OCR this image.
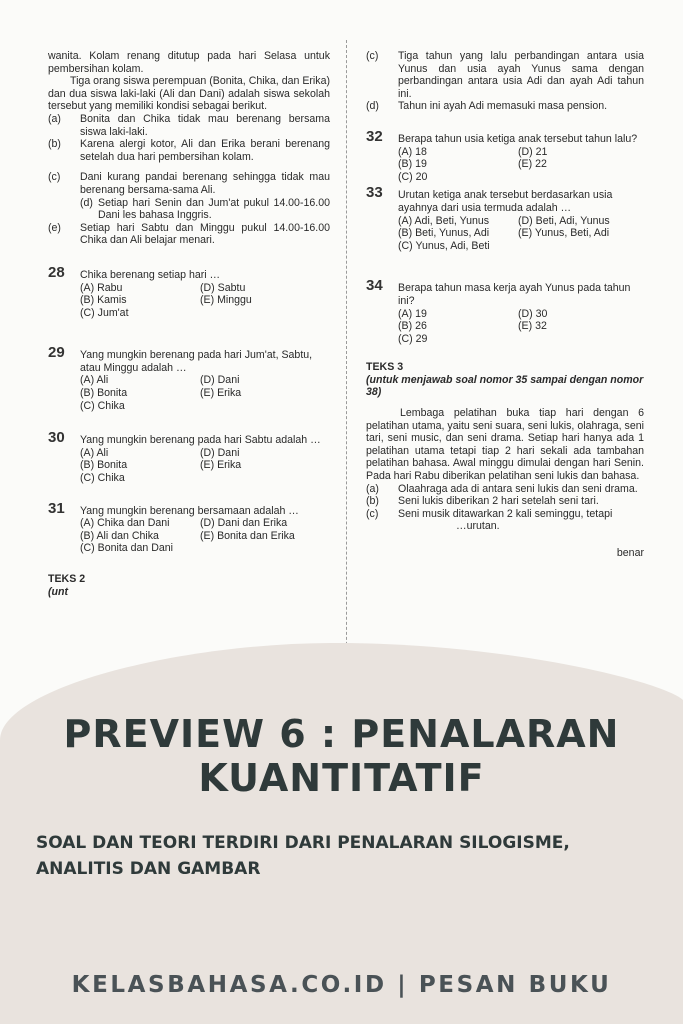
wanita. Kolam renang ditutup pada hari Selasa untuk pembersihan kolam.

Tiga orang siswa perempuan (Bonita, Chika, dan Erika) dan dua siswa laki-laki (Ali dan Dani) adalah siswa sekolah tersebut yang memiliki kondisi sebagai berikut.

(a) Bonita dan Chika tidak mau berenang bersama siswa laki-laki.

(b) Karena alergi kotor, Ali dan Erika berani berenang setelah dua hari pembersihan kolam.

(c) Dani kurang pandai berenang sehingga tidak mau berenang bersama-sama Ali.

(d) Setiap hari Senin dan Jum'at pukul 14.00-16.00 Dani les bahasa Inggris.

(e) Setiap hari Sabtu dan Minggu pukul 14.00-16.00 Chika dan Ali belajar menari.

28 Chika berenang setiap hari …

(A) Rabu	(D) Sabtu
(B) Kamis	(E) Minggu
(C) Jum'at

29 Yang mungkin berenang pada hari Jum'at, Sabtu, atau Minggu adalah …

(A) Ali	(D) Dani
(B) Bonita	(E) Erika
(C) Chika

30 Yang mungkin berenang pada hari Sabtu adalah …

(A) Ali	(D) Dani
(B) Bonita	(E) Erika
(C) Chika

31 Yang mungkin berenang bersamaan adalah …

(A) Chika dan Dani	(D) Dani dan Erika
(B) Ali dan Chika	(E) Bonita dan Erika
(C) Bonita dan Dani

TEKS 2

(unt

(c) Tiga tahun yang lalu perbandingan antara usia Yunus dan usia ayah Yunus sama dengan perbandingan antara usia Adi dan ayah Adi tahun ini.

(d) Tahun ini ayah Adi memasuki masa pension.

32 Berapa tahun usia ketiga anak tersebut tahun lalu?

(A) 18	(D) 21
(B) 19	(E) 22
(C) 20

33 Urutan ketiga anak tersebut berdasarkan usia ayahnya dari usia termuda adalah …

(A) Adi, Beti, Yunus	(D) Beti, Adi, Yunus
(B) Beti, Yunus, Adi	(E) Yunus, Beti, Adi
(C) Yunus, Adi, Beti

34 Berapa tahun masa kerja ayah Yunus pada tahun ini?

(A) 19	(D) 30
(B) 26	(E) 32
(C) 29

TEKS 3

(untuk menjawab soal nomor 35 sampai dengan nomor 38)

Lembaga pelatihan buka tiap hari dengan 6 pelatihan utama, yaitu seni suara, seni lukis, olahraga, seni tari, seni music, dan seni drama. Setiap hari hanya ada 1 pelatihan utama tetapi tiap 2 hari sekali ada tambahan pelatihan bahasa. Awal minggu dimulai dengan hari Senin. Pada hari Rabu diberikan pelatihan seni lukis dan bahasa.

(a) Olaahraga ada di antara seni lukis dan seni drama.

(b) Seni lukis diberikan 2 hari setelah seni tari.

(c) Seni musik ditawarkan 2 kali seminggu, tetapi

…urutan.

benar

PREVIEW 6 : PENALARAN KUANTITATIF

SOAL DAN TEORI TERDIRI DARI PENALARAN SILOGISME, ANALITIS DAN GAMBAR

KELASBAHASA.CO.ID | PESAN BUKU
